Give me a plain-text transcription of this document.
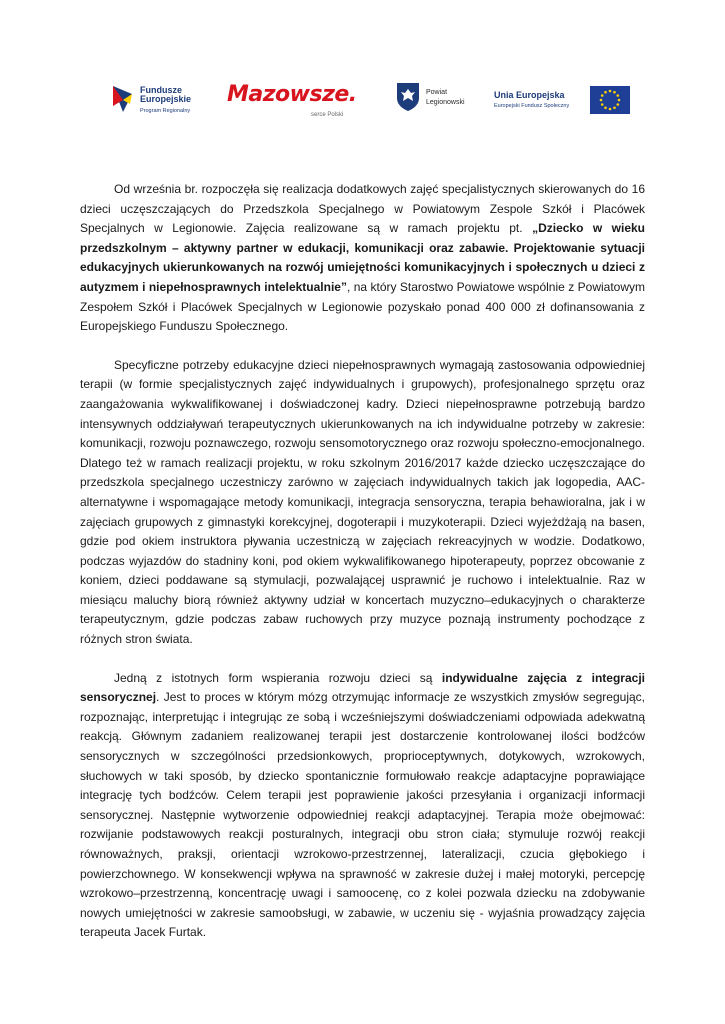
Fundusze
Europejskie
Program Regionalny
Mazowsze.
serce Polski
Powiat
Legionowski
Unia Europejska
Europejski Fundusz Społeczny

Od września br. rozpoczęła się realizacja dodatkowych zajęć specjalistycznych skierowanych do 16 dzieci uczęszczających do Przedszkola Specjalnego w Powiatowym Zespole Szkół i Placówek Specjalnych w Legionowie. Zajęcia realizowane są w ramach projektu pt. „Dziecko w wieku przedszkolnym – aktywny partner w edukacji, komunikacji oraz zabawie. Projektowanie sytuacji edukacyjnych ukierunkowanych na rozwój umiejętności komunikacyjnych i społecznych u dzieci z autyzmem i niepełnosprawnych intelektualnie”, na który Starostwo Powiatowe wspólnie z Powiatowym Zespołem Szkół i Placówek Specjalnych w Legionowie pozyskało ponad 400 000 zł dofinansowania z Europejskiego Funduszu Społecznego.

Specyficzne potrzeby edukacyjne dzieci niepełnosprawnych wymagają zastosowania odpowiedniej terapii (w formie specjalistycznych zajęć indywidualnych i grupowych), profesjonalnego sprzętu oraz zaangażowania wykwalifikowanej i doświadczonej kadry. Dzieci niepełnosprawne potrzebują bardzo intensywnych oddziaływań terapeutycznych ukierunkowanych na ich indywidualne potrzeby w zakresie: komunikacji, rozwoju poznawczego, rozwoju sensomotorycznego oraz rozwoju społeczno-emocjonalnego. Dlatego też w ramach realizacji projektu, w roku szkolnym 2016/2017 każde dziecko uczęszczające do przedszkola specjalnego uczestniczy zarówno w zajęciach indywidualnych takich jak logopedia, AAC-alternatywne i wspomagające metody komunikacji, integracja sensoryczna, terapia behawioralna, jak i w zajęciach grupowych z gimnastyki korekcyjnej, dogoterapii i muzykoterapii. Dzieci wyjeżdżają na basen, gdzie pod okiem instruktora pływania uczestniczą w zajęciach rekreacyjnych w wodzie. Dodatkowo, podczas wyjazdów do stadniny koni, pod okiem wykwalifikowanego hipoterapeuty, poprzez obcowanie z koniem, dzieci poddawane są stymulacji, pozwalającej usprawnić je ruchowo i intelektualnie. Raz w miesiącu maluchy biorą również aktywny udział w koncertach muzyczno–edukacyjnych o charakterze terapeutycznym, gdzie podczas zabaw ruchowych przy muzyce poznają instrumenty pochodzące z różnych stron świata.

Jedną z istotnych form wspierania rozwoju dzieci są indywidualne zajęcia z integracji sensorycznej. Jest to proces w którym mózg otrzymując informacje ze wszystkich zmysłów segregując, rozpoznając, interpretując i integrując ze sobą i wcześniejszymi doświadczeniami odpowiada adekwatną reakcją. Głównym zadaniem realizowanej terapii jest dostarczenie kontrolowanej ilości bodźców sensorycznych w szczególności przedsionkowych, proprioceptywnych, dotykowych, wzrokowych, słuchowych w taki sposób, by dziecko spontanicznie formułowało reakcje adaptacyjne poprawiające integrację tych bodźców. Celem terapii jest poprawienie jakości przesyłania i organizacji informacji sensorycznej. Następnie wytworzenie odpowiedniej reakcji adaptacyjnej. Terapia może obejmować: rozwijanie podstawowych reakcji posturalnych, integracji obu stron ciała; stymuluje rozwój reakcji równoważnych, praksji, orientacji wzrokowo-przestrzennej, lateralizacji, czucia głębokiego i powierzchownego. W konsekwencji wpływa na sprawność w zakresie dużej i małej motoryki, percepcję wzrokowo–przestrzenną, koncentrację uwagi i samoocenę, co z kolei pozwala dziecku na zdobywanie nowych umiejętności w zakresie samoobsługi, w zabawie, w uczeniu się - wyjaśnia prowadzący zajęcia terapeuta Jacek Furtak.
